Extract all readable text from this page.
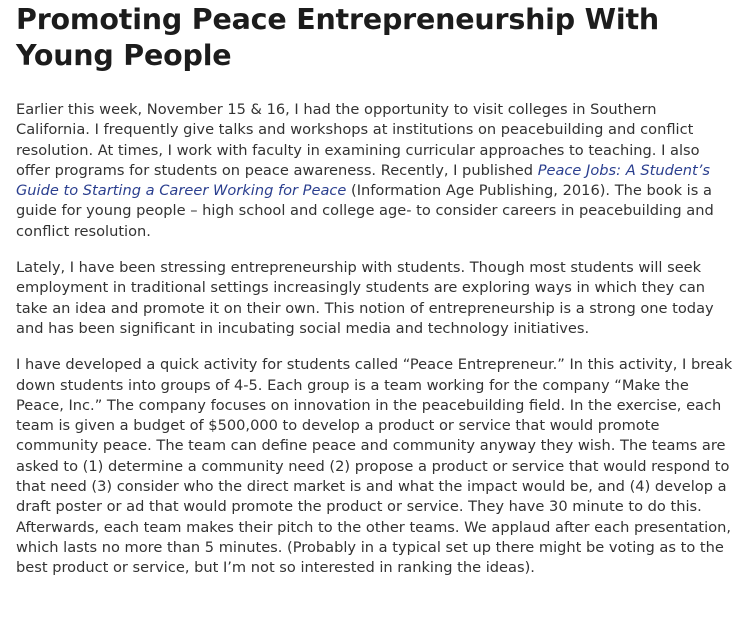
Promoting Peace Entrepreneurship With Young People

Earlier this week, November 15 & 16, I had the opportunity to visit colleges in Southern California. I frequently give talks and workshops at institutions on peacebuilding and conflict resolution. At times, I work with faculty in examining curricular approaches to teaching. I also offer programs for students on peace awareness. Recently, I published Peace Jobs: A Student’s Guide to Starting a Career Working for Peace (Information Age Publishing, 2016). The book is a guide for young people – high school and college age- to consider careers in peacebuilding and conflict resolution.

Lately, I have been stressing entrepreneurship with students. Though most students will seek employment in traditional settings increasingly students are exploring ways in which they can take an idea and promote it on their own. This notion of entrepreneurship is a strong one today and has been significant in incubating social media and technology initiatives.

I have developed a quick activity for students called “Peace Entrepreneur.” In this activity, I break down students into groups of 4-5. Each group is a team working for the company “Make the Peace, Inc.” The company focuses on innovation in the peacebuilding field. In the exercise, each team is given a budget of $500,000 to develop a product or service that would promote community peace. The team can define peace and community anyway they wish. The teams are asked to (1) determine a community need (2) propose a product or service that would respond to that need (3) consider who the direct market is and what the impact would be, and (4) develop a draft poster or ad that would promote the product or service. They have 30 minute to do this. Afterwards, each team makes their pitch to the other teams. We applaud after each presentation, which lasts no more than 5 minutes. (Probably in a typical set up there might be voting as to the best product or service, but I’m not so interested in ranking the ideas).
